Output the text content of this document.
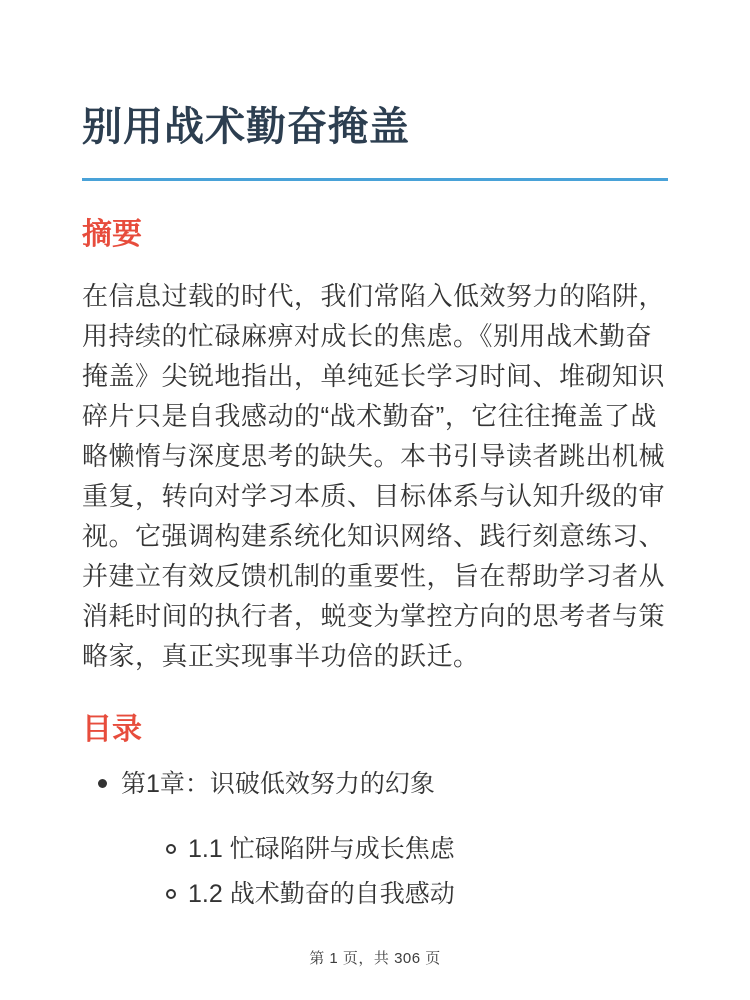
别用战术勤奋掩盖
摘要

在信息过载的时代，我们常陷入低效努力的陷阱，用持续的忙碌麻痹对成长的焦虑。《别用战术勤奋掩盖》尖锐地指出，单纯延长学习时间、堆砌知识碎片只是自我感动的“战术勤奋”，它往往掩盖了战略懒惰与深度思考的缺失。本书引导读者跳出机械重复，转向对学习本质、目标体系与认知升级的审视。它强调构建系统化知识网络、践行刻意练习、并建立有效反馈机制的重要性，旨在帮助学习者从消耗时间的执行者，蜕变为掌控方向的思考者与策略家，真正实现事半功倍的跃迁。

目录
第1章：识破低效努力的幻象
1.1 忙碌陷阱与成长焦虑
1.2 战术勤奋的自我感动
第 1 页，共 306 页
